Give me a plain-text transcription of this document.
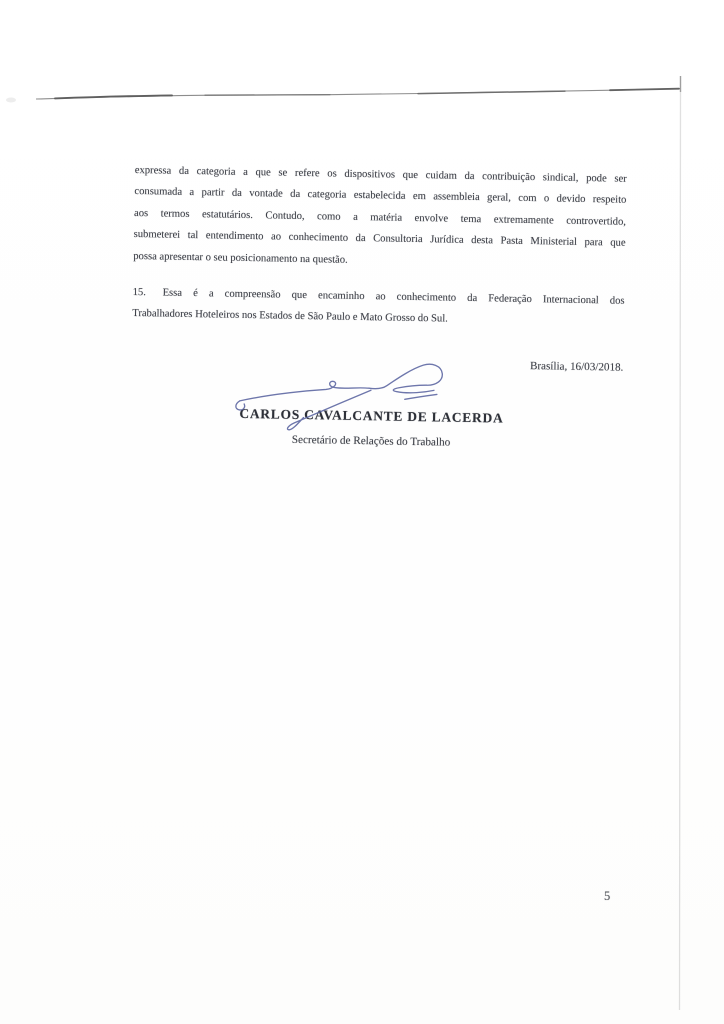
expressa da categoria a que se refere os dispositivos que cuidam da contribuição sindical, pode ser
consumada a partir da vontade da categoria estabelecida em assembleia geral, com o devido respeito
aos termos estatutários. Contudo, como a matéria envolve tema extremamente controvertido,
submeterei tal entendimento ao conhecimento da Consultoria Jurídica desta Pasta Ministerial para que
possa apresentar o seu posicionamento na questão.
15. Essa é a compreensão que encaminho ao conhecimento da Federação Internacional dos
Trabalhadores Hoteleiros nos Estados de São Paulo e Mato Grosso do Sul.
Brasília, 16/03/2018.
CARLOS CAVALCANTE DE LACERDA
Secretário de Relações do Trabalho
5
